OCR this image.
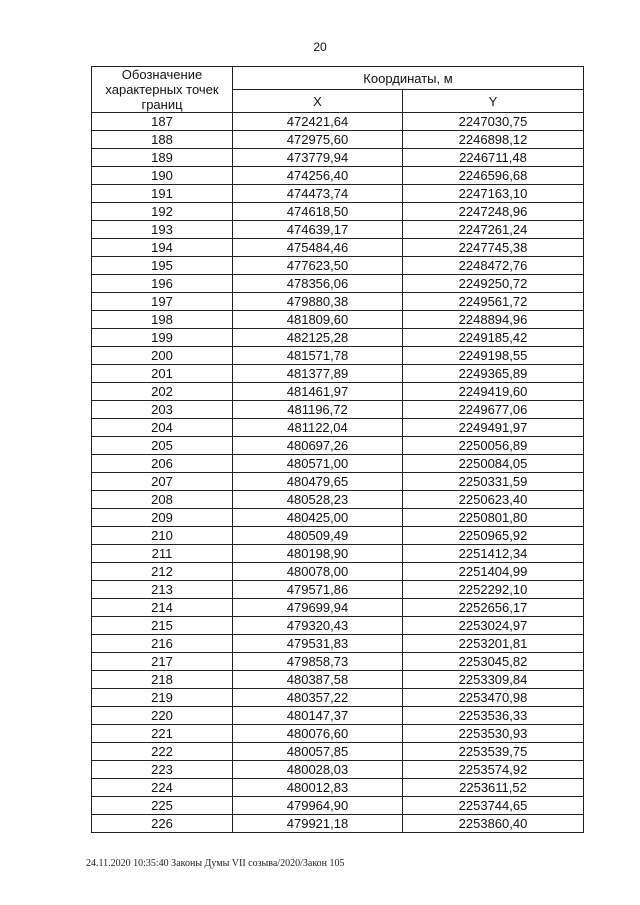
20
Обозначение характерных точек границ	Координаты, м	
	X	Y
187	472421,64	2247030,75
188	472975,60	2246898,12
189	473779,94	2246711,48
190	474256,40	2246596,68
191	474473,74	2247163,10
192	474618,50	2247248,96
193	474639,17	2247261,24
194	475484,46	2247745,38
195	477623,50	2248472,76
196	478356,06	2249250,72
197	479880,38	2249561,72
198	481809,60	2248894,96
199	482125,28	2249185,42
200	481571,78	2249198,55
201	481377,89	2249365,89
202	481461,97	2249419,60
203	481196,72	2249677,06
204	481122,04	2249491,97
205	480697,26	2250056,89
206	480571,00	2250084,05
207	480479,65	2250331,59
208	480528,23	2250623,40
209	480425,00	2250801,80
210	480509,49	2250965,92
211	480198,90	2251412,34
212	480078,00	2251404,99
213	479571,86	2252292,10
214	479699,94	2252656,17
215	479320,43	2253024,97
216	479531,83	2253201,81
217	479858,73	2253045,82
218	480387,58	2253309,84
219	480357,22	2253470,98
220	480147,37	2253536,33
221	480076,60	2253530,93
222	480057,85	2253539,75
223	480028,03	2253574,92
224	480012,83	2253611,52
225	479964,90	2253744,65
226	479921,18	2253860,40
24.11.2020 10:35:40 Законы Думы VII созыва/2020/Закон 105
